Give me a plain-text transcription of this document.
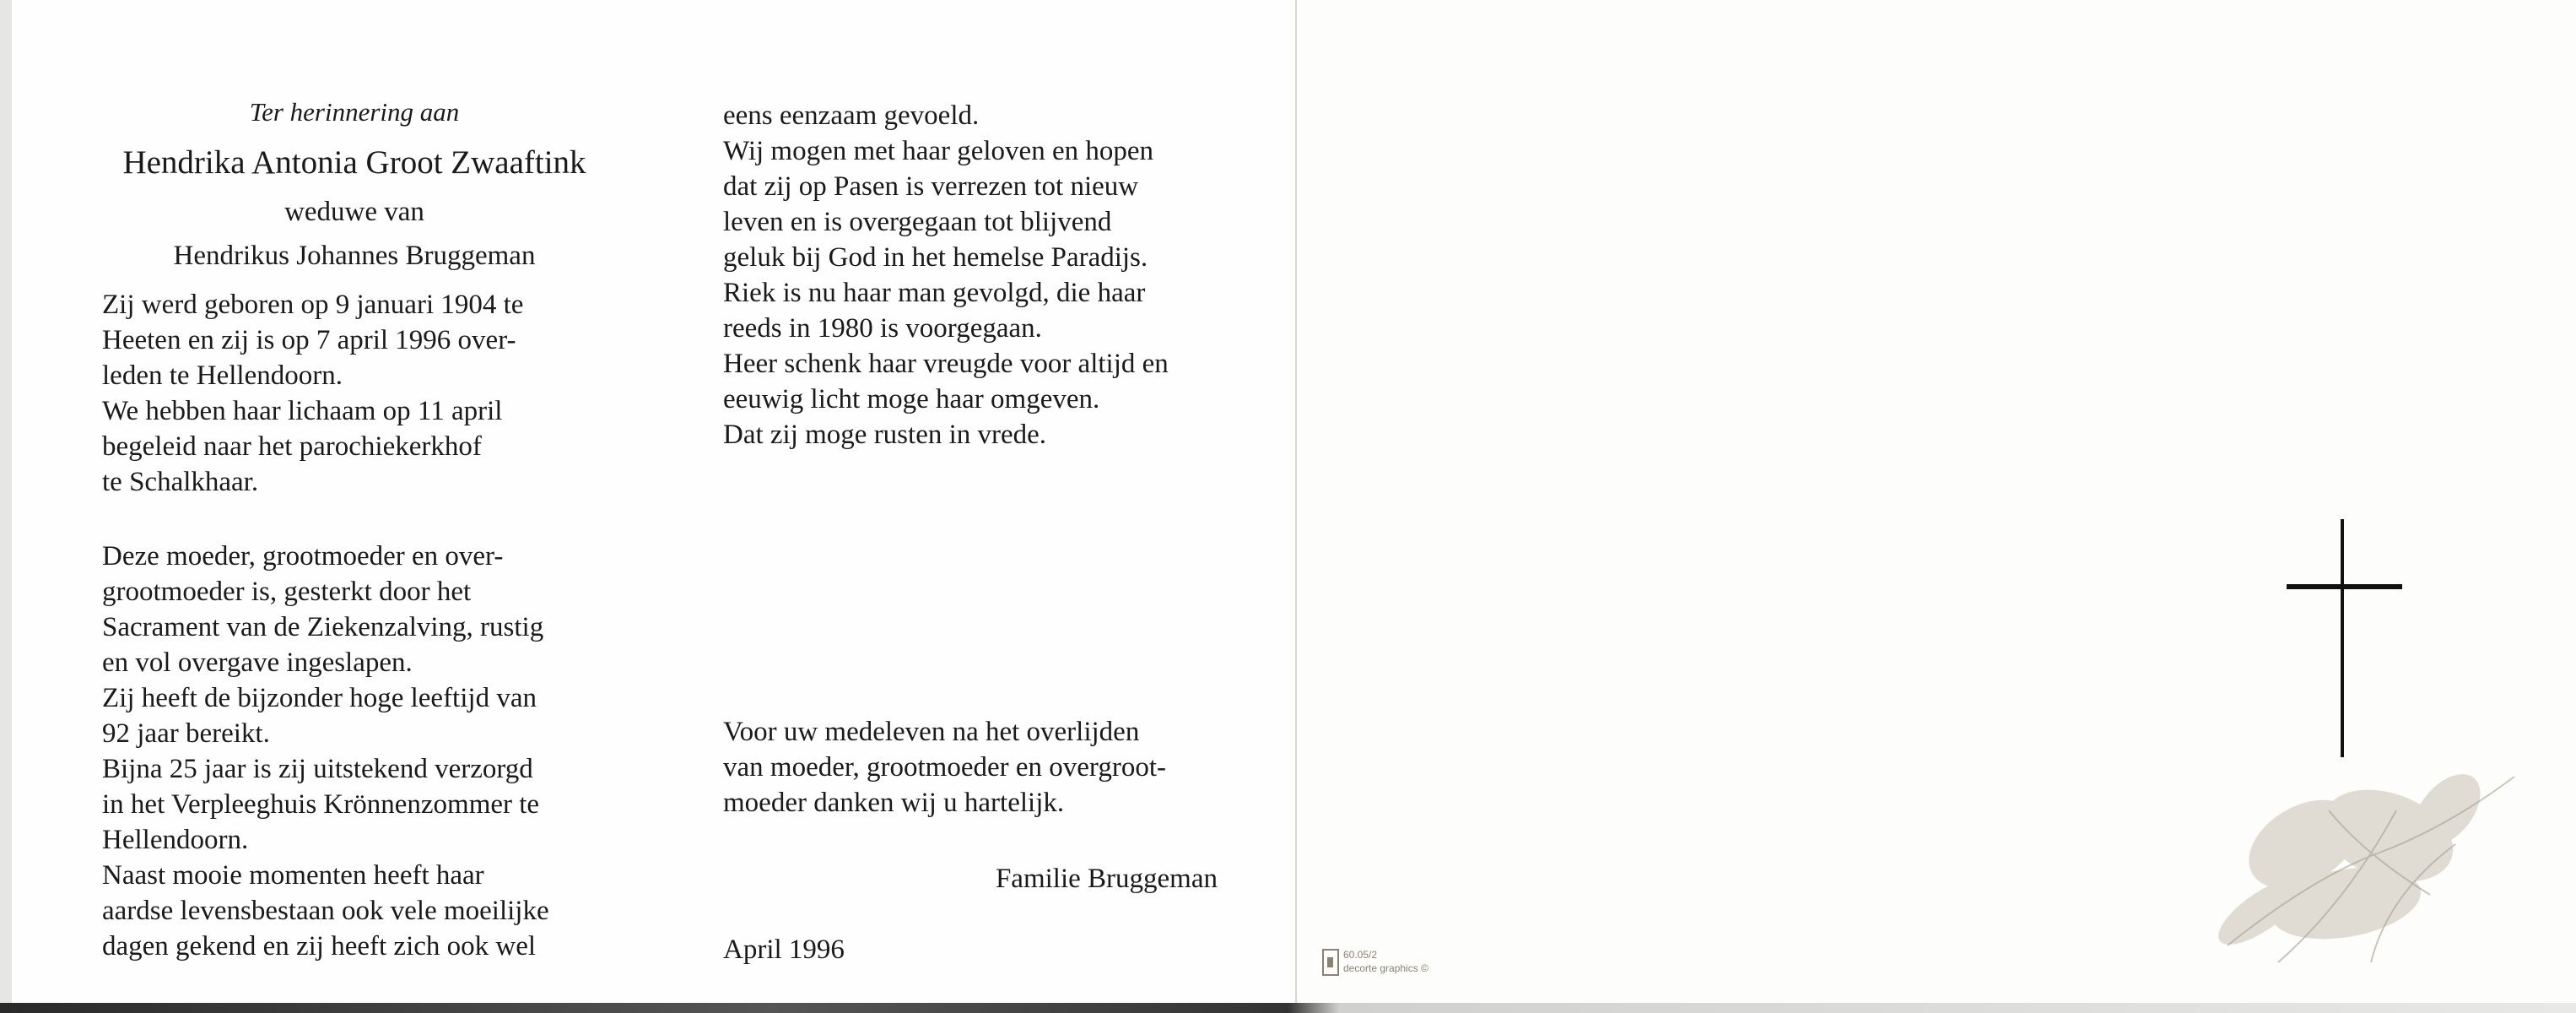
Ter herinnering aan
Hendrika Antonia Groot Zwaaftink
weduwe van
Hendrikus Johannes Bruggeman
Zij werd geboren op 9 januari 1904 te
Heeten en zij is op 7 april 1996 over-
leden te Hellendoorn.
We hebben haar lichaam op 11 april
begeleid naar het parochiekerkhof
te Schalkhaar.
Deze moeder, grootmoeder en over-
grootmoeder is, gesterkt door het
Sacrament van de Ziekenzalving, rustig
en vol overgave ingeslapen.
Zij heeft de bijzonder hoge leeftijd van
92 jaar bereikt.
Bijna 25 jaar is zij uitstekend verzorgd
in het Verpleeghuis Krönnenzommer te
Hellendoorn.
Naast mooie momenten heeft haar
aardse levensbestaan ook vele moeilijke
dagen gekend en zij heeft zich ook wel
eens eenzaam gevoeld.
Wij mogen met haar geloven en hopen
dat zij op Pasen is verrezen tot nieuw
leven en is overgegaan tot blijvend
geluk bij God in het hemelse Paradijs.
Riek is nu haar man gevolgd, die haar
reeds in 1980 is voorgegaan.
Heer schenk haar vreugde voor altijd en
eeuwig licht moge haar omgeven.
Dat zij moge rusten in vrede.
Voor uw medeleven na het overlijden
van moeder, grootmoeder en overgroot-
moeder danken wij u hartelijk.
Familie Bruggeman
April 1996	60.05/2
decorte graphics ©
